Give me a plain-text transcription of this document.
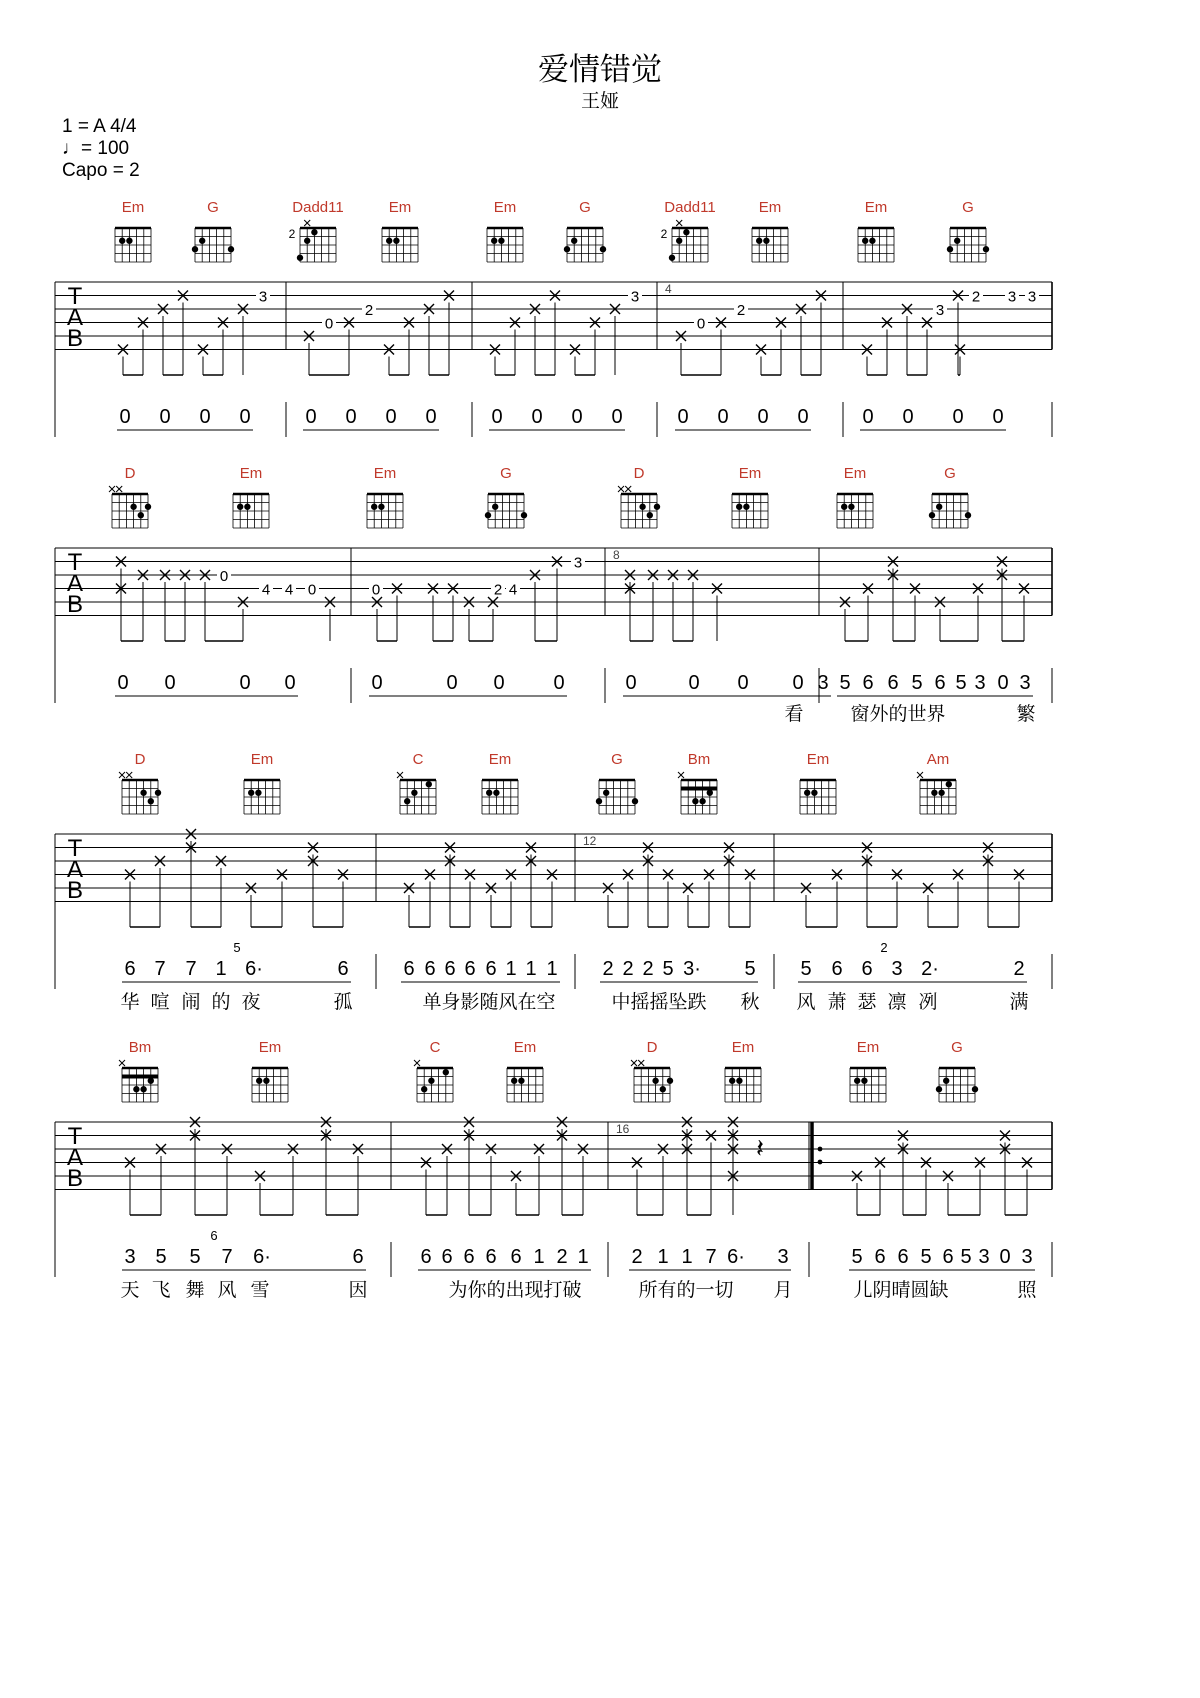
爱情错觉
王娅
1 = A 4/4
♩= 100
Capo = 2
T
A
B
Em	G	Dadd11
2
Em	Em	G	Dadd11
2
Em	Em	G
4
3
0
2
3
0
2	3
2 3 3
0 0 0 0	0 0 0 0	0 0 0 0	0 0 0 0	0 0 0 0
T
A
B
D	Em	Em	G	D	Em	Em	G
8
0
4 4 0	0	2 4
3
0 0	0 0	0	0 0 0	0	0 0 0 3 5 6 6 5 6 5 3 0 3
看 窗外的世界	繁
T
A
B
D	Em	C	Em	G	Bm	Em	Am
12
6 7 7 1 6·	6	6 6 6 6 6 1 1 1 2 2 2 5 3· 5 5 6 6 3 2·	2
5	2
华 喧 闹 的 夜	孤	单身影随风在空	中摇摇坠跌 秋 风 萧 瑟 凛 冽	满
T
A
B
Bm	Em	C	Em	D	Em	Em	G
16
3 5 5 7 6·	6	6 6 6 6 6 1 2 1 2 1 1 7 6· 3	5 6 6 5 6 5 3 0 3
6
天 飞 舞 风 雪	因	为你的出现打破	所有的一切 月	儿阴晴圆缺	照
𝄽
